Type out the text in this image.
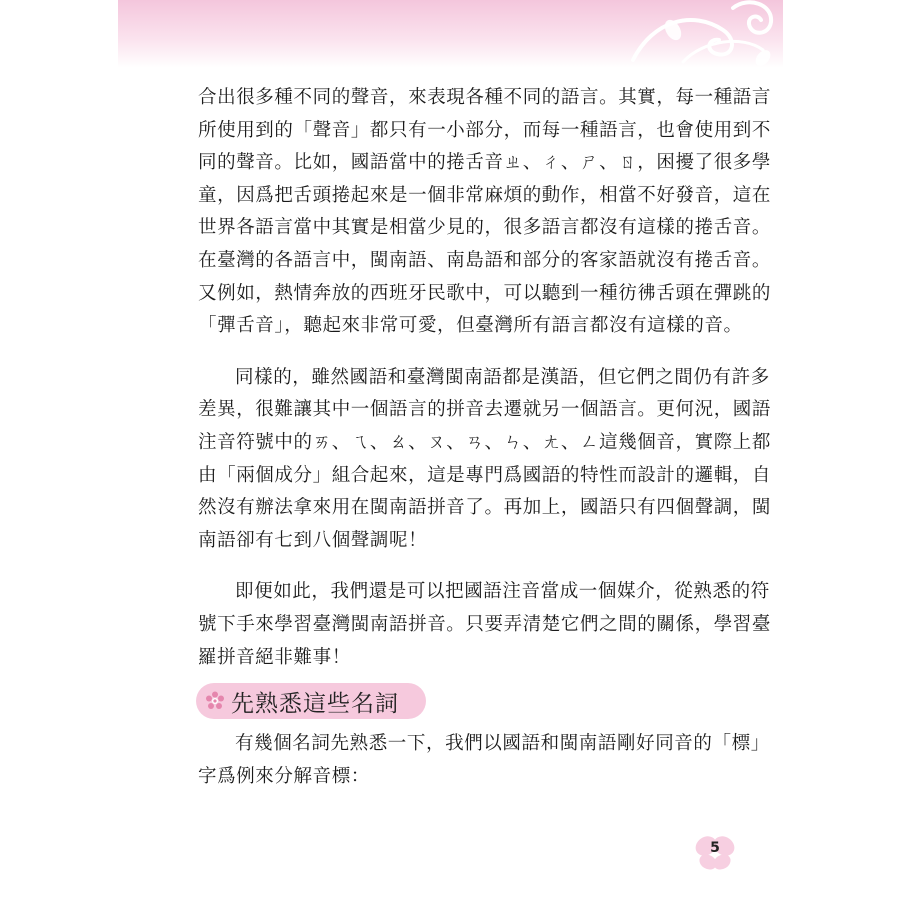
合出很多種不同的聲音，來表現各種不同的語言。其實，每一種語言
所使用到的「聲音」都只有一小部分，而每一種語言，也會使用到不
同的聲音。比如，國語當中的捲舌音ㄓ、ㄔ、ㄕ、ㄖ，困擾了很多學
童，因爲把舌頭捲起來是一個非常麻煩的動作，相當不好發音，這在
世界各語言當中其實是相當少見的，很多語言都沒有這樣的捲舌音。
在臺灣的各語言中，閩南語、南島語和部分的客家語就沒有捲舌音。
又例如，熱情奔放的西班牙民歌中，可以聽到一種彷彿舌頭在彈跳的
「彈舌音」，聽起來非常可愛，但臺灣所有語言都沒有這樣的音。

同樣的，雖然國語和臺灣閩南語都是漢語，但它們之間仍有許多
差異，很難讓其中一個語言的拼音去遷就另一個語言。更何況，國語
注音符號中的ㄞ、ㄟ、ㄠ、ㄡ、ㄢ、ㄣ、ㄤ、ㄥ這幾個音，實際上都
由「兩個成分」組合起來，這是專門爲國語的特性而設計的邏輯，自
然沒有辦法拿來用在閩南語拼音了。再加上，國語只有四個聲調，閩
南語卻有七到八個聲調呢！

即便如此，我們還是可以把國語注音當成一個媒介，從熟悉的符
號下手來學習臺灣閩南語拼音。只要弄清楚它們之間的關係，學習臺
羅拼音絕非難事！

先熟悉這些名詞

有幾個名詞先熟悉一下，我們以國語和閩南語剛好同音的「標」
字爲例來分解音標：

5
